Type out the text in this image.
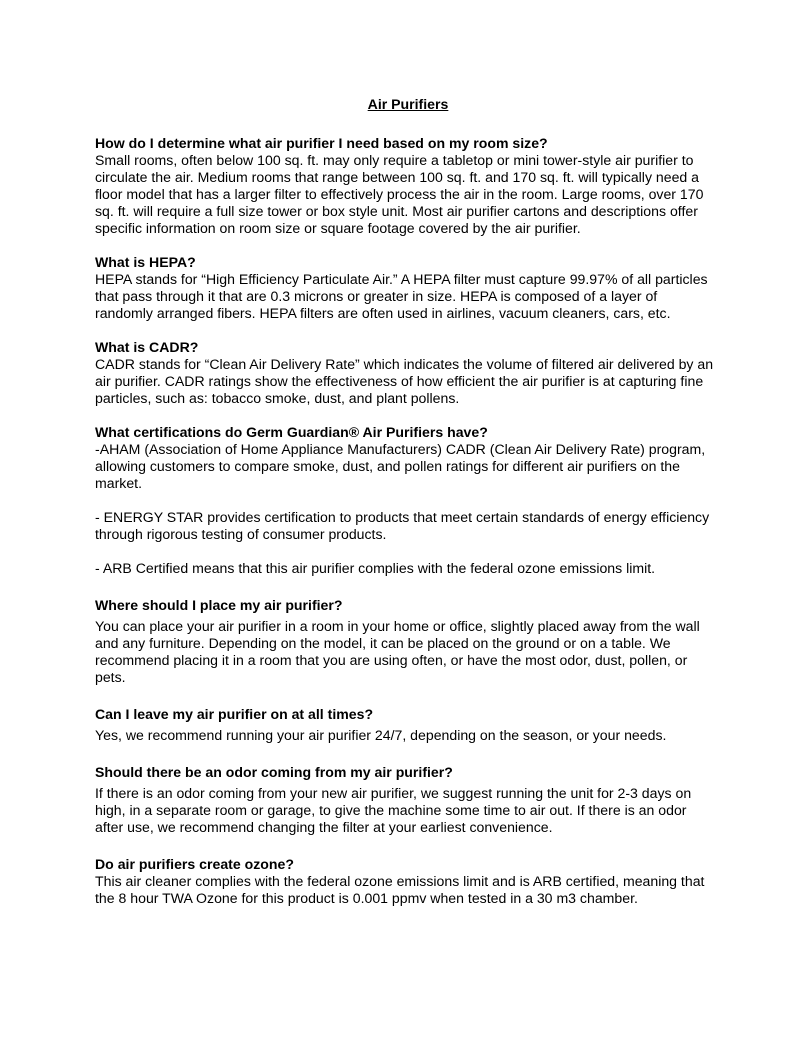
Air Purifiers

How do I determine what air purifier I need based on my room size?

Small rooms, often below 100 sq. ft. may only require a tabletop or mini tower-style air purifier to circulate the air. Medium rooms that range between 100 sq. ft. and 170 sq. ft. will typically need a floor model that has a larger filter to effectively process the air in the room. Large rooms, over 170 sq. ft. will require a full size tower or box style unit. Most air purifier cartons and descriptions offer specific information on room size or square footage covered by the air purifier.

What is HEPA?

HEPA stands for “High Efficiency Particulate Air.” A HEPA filter must capture 99.97% of all particles that pass through it that are 0.3 microns or greater in size. HEPA is composed of a layer of randomly arranged fibers. HEPA filters are often used in airlines, vacuum cleaners, cars, etc.

What is CADR?

CADR stands for “Clean Air Delivery Rate” which indicates the volume of filtered air delivered by an air purifier. CADR ratings show the effectiveness of how efficient the air purifier is at capturing fine particles, such as: tobacco smoke, dust, and plant pollens.

What certifications do Germ Guardian® Air Purifiers have?

-AHAM (Association of Home Appliance Manufacturers) CADR (Clean Air Delivery Rate) program, allowing customers to compare smoke, dust, and pollen ratings for different air purifiers on the market.

- ENERGY STAR provides certification to products that meet certain standards of energy efficiency through rigorous testing of consumer products.

- ARB Certified means that this air purifier complies with the federal ozone emissions limit.

Where should I place my air purifier?

You can place your air purifier in a room in your home or office, slightly placed away from the wall and any furniture. Depending on the model, it can be placed on the ground or on a table. We recommend placing it in a room that you are using often, or have the most odor, dust, pollen, or pets.

Can I leave my air purifier on at all times?

Yes, we recommend running your air purifier 24/7, depending on the season, or your needs.

Should there be an odor coming from my air purifier?

If there is an odor coming from your new air purifier, we suggest running the unit for 2-3 days on high, in a separate room or garage, to give the machine some time to air out. If there is an odor after use, we recommend changing the filter at your earliest convenience.

Do air purifiers create ozone?

This air cleaner complies with the federal ozone emissions limit and is ARB certified, meaning that the 8 hour TWA Ozone for this product is 0.001 ppmv when tested in a 30 m3 chamber.
